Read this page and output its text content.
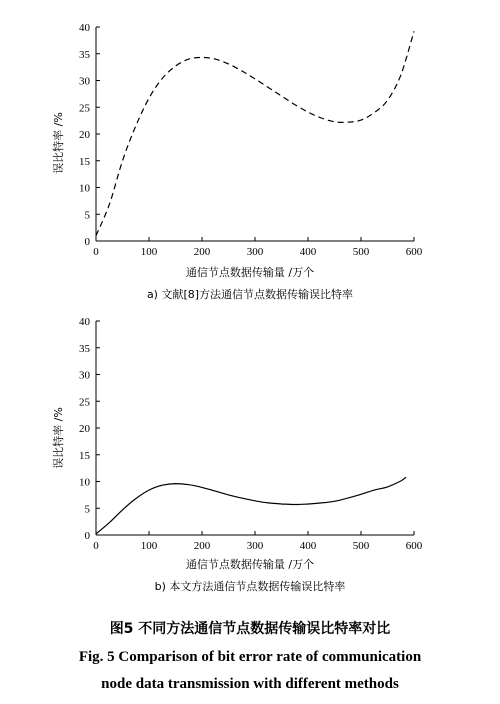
0	100	200	300	400	500	600
0
5
10
15
20
25
30
35
40
误比特率 /%
通信节点数据传输量 /万个
a) 文献[8]方法通信节点数据传输误比特率
0	100	200	300	400	500	600
0
5
10
15
20
25
30
35
40
误比特率 /%
通信节点数据传输量 /万个
b) 本文方法通信节点数据传输误比特率
图5 不同方法通信节点数据传输误比特率对比
Fig. 5 Comparison of bit error rate of communication
node data transmission with different methods
